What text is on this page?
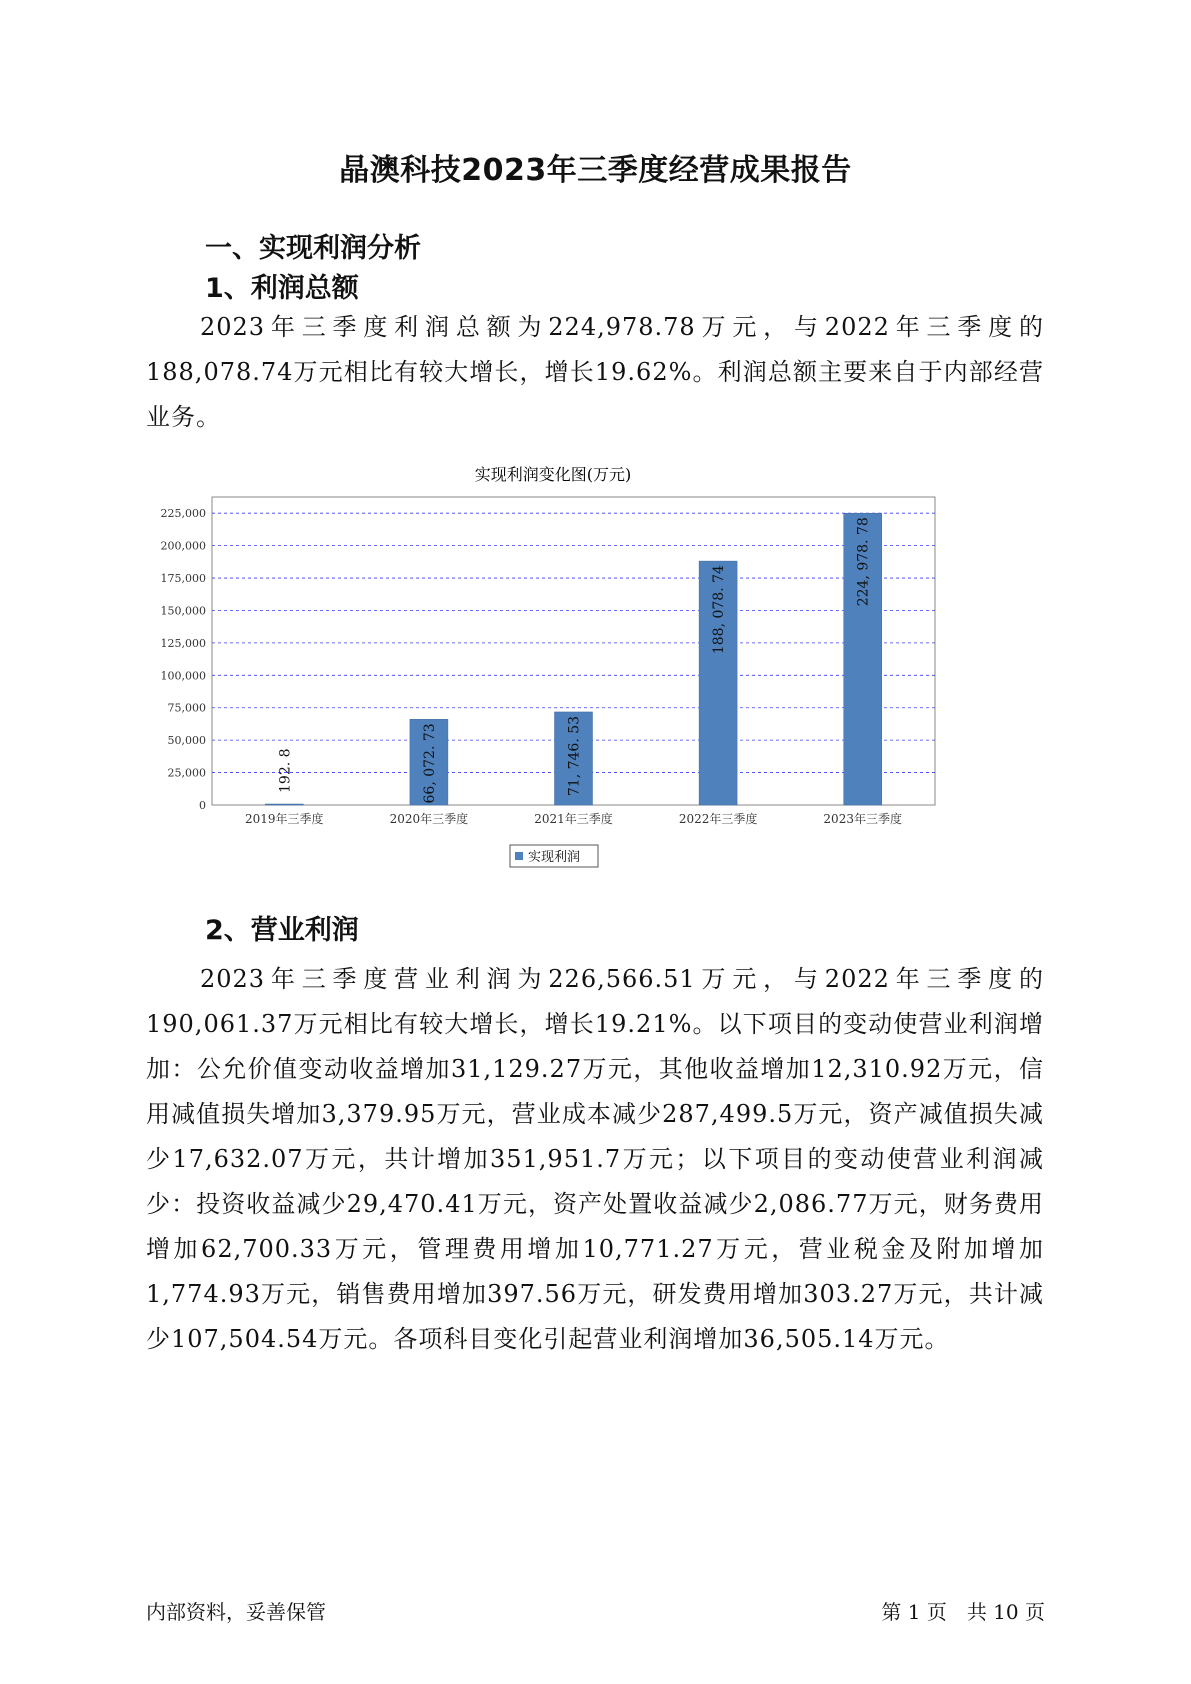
晶澳科技2023年三季度经营成果报告
一、实现利润分析
1、利润总额
2023年三季度利润总额为224,978.78万元，与2022年三季度的188,078.74万元相比有较大增长，增长19.62%。利润总额主要来自于内部经营业务。
实现利润变化图(万元)
0
25,000
50,000
75,000
100,000
125,000
150,000
175,000
200,000
225,000
192. 8
2019年三季度
66, 072. 73
2020年三季度
71, 746. 53
2021年三季度
188, 078. 74
2022年三季度
224, 978. 78
2023年三季度
实现利润
2、营业利润
2023年三季度营业利润为226,566.51万元，与2022年三季度的190,061.37万元相比有较大增长，增长19.21%。以下项目的变动使营业利润增加：公允价值变动收益增加31,129.27万元，其他收益增加12,310.92万元，信用减值损失增加3,379.95万元，营业成本减少287,499.5万元，资产减值损失减少17,632.07万元，共计增加351,951.7万元；以下项目的变动使营业利润减少：投资收益减少29,470.41万元，资产处置收益减少2,086.77万元，财务费用增加62,700.33万元，管理费用增加10,771.27万元，营业税金及附加增加1,774.93万元，销售费用增加397.56万元，研发费用增加303.27万元，共计减少107,504.54万元。各项科目变化引起营业利润增加36,505.14万元。
内部资料，妥善保管	第 1 页　共 10 页
